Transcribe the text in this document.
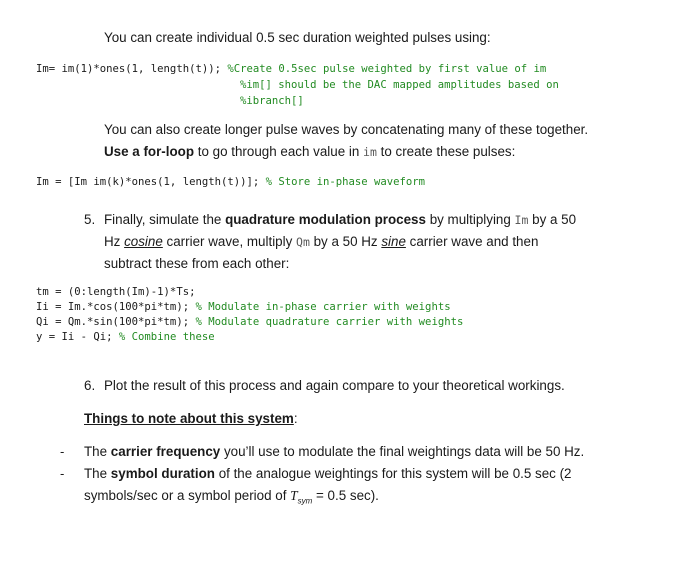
You can create individual 0.5 sec duration weighted pulses using:
Im= im(1)*ones(1, length(t)); %Create 0.5sec pulse weighted by first value of im
%im[] should be the DAC mapped amplitudes based on
%ibranch[]
You can also create longer pulse waves by concatenating many of these together.
Use a for-loop to go through each value in im to create these pulses:
Im = [Im im(k)*ones(1, length(t))]; % Store in-phase waveform
5. Finally, simulate the quadrature modulation process by multiplying Im by a 50
Hz cosine carrier wave, multiply Qm by a 50 Hz sine carrier wave and then
subtract these from each other:
tm = (0:length(Im)-1)*Ts;
Ii = Im.*cos(100*pi*tm); % Modulate in-phase carrier with weights
Qi = Qm.*sin(100*pi*tm); % Modulate quadrature carrier with weights
y = Ii - Qi; % Combine these
6. Plot the result of this process and again compare to your theoretical workings.
Things to note about this system:
- The carrier frequency you’ll use to modulate the final weightings data will be 50 Hz.
- The symbol duration of the analogue weightings for this system will be 0.5 sec (2
symbols/sec or a symbol period of $T_{sym} = 0.5$ sec).
